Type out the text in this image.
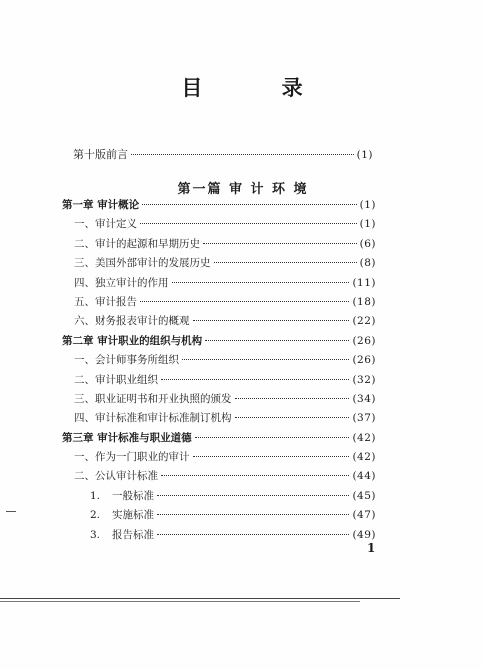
目 录
第十版前言	(1)
第一篇 审 计 环 境
第一章 审计概论	(1)
一、审计定义	(1)
二、审计的起源和早期历史	(6)
三、美国外部审计的发展历史	(8)
四、独立审计的作用	(11)
五、审计报告	(18)
六、财务报表审计的概观	(22)
第二章 审计职业的组织与机构	(26)
一、会计师事务所组织	(26)
二、审计职业组织	(32)
三、职业证明书和开业执照的颁发	(34)
四、审计标准和审计标准制订机构	(37)
第三章 审计标准与职业道德	(42)
一、作为一门职业的审计	(42)
二、公认审计标准	(44)
1.	一般标准	(45)
2.	实施标准	(47)
3.	报告标准	(49)
1
